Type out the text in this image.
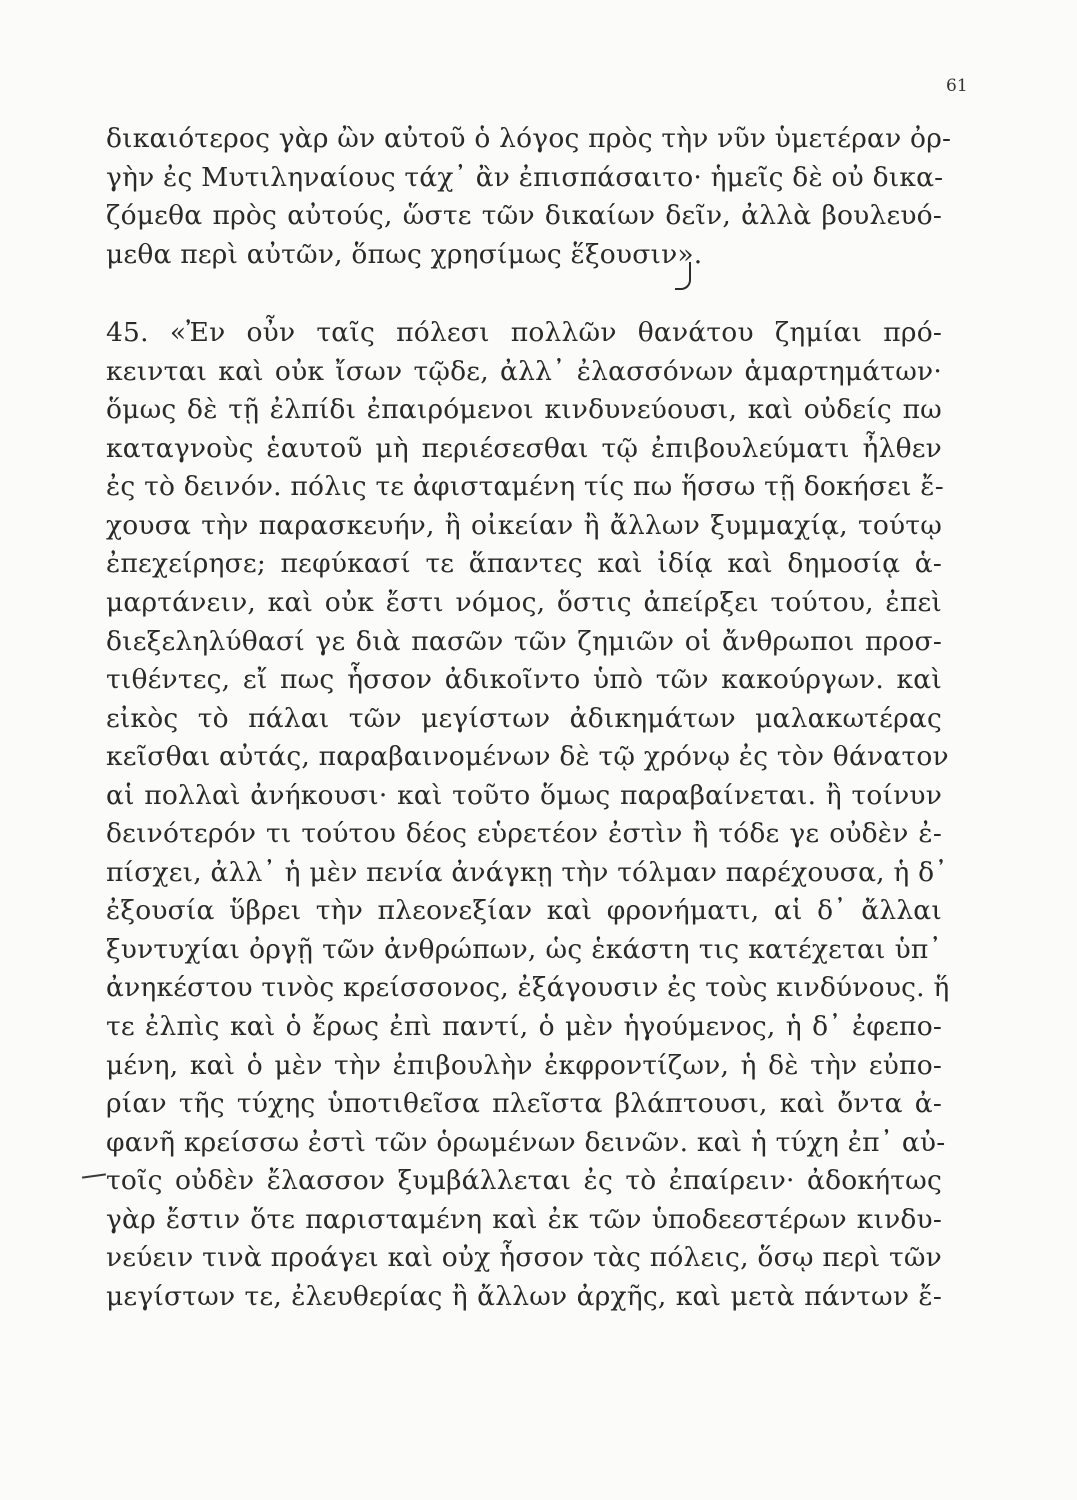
61
δικαιότερος γὰρ ὢν αὐτοῦ ὁ λόγος πρὸς τὴν νῦν ὑμετέραν ὀρ-
γὴν ἐς Μυτιληναίους τάχ᾽ ἂν ἐπισπάσαιτο· ἡμεῖς δὲ οὐ δικα-
ζόμεθα πρὸς αὐτούς, ὥστε τῶν δικαίων δεῖν, ἀλλὰ βουλευό-
μεθα περὶ αὐτῶν, ὅπως χρησίμως ἕξουσιν».
45. «Ἐν οὖν ταῖς πόλεσι πολλῶν θανάτου ζημίαι πρό-
κεινται καὶ οὐκ ἴσων τῷδε, ἀλλ᾽ ἐλασσόνων ἁμαρτημάτων·
ὅμως δὲ τῇ ἐλπίδι ἐπαιρόμενοι κινδυνεύουσι, καὶ οὐδείς πω
καταγνοὺς ἑαυτοῦ μὴ περιέσεσθαι τῷ ἐπιβουλεύματι ἦλθεν
ἐς τὸ δεινόν. πόλις τε ἀφισταμένη τίς πω ἥσσω τῇ δοκήσει ἔ-
χουσα τὴν παρασκευήν, ἢ οἰκείαν ἢ ἄλλων ξυμμαχίᾳ, τούτῳ
ἐπεχείρησε; πεφύκασί τε ἅπαντες καὶ ἰδίᾳ καὶ δημοσίᾳ ἁ-
μαρτάνειν, καὶ οὐκ ἔστι νόμος, ὅστις ἀπείρξει τούτου, ἐπεὶ
διεξεληλύθασί γε διὰ πασῶν τῶν ζημιῶν οἱ ἄνθρωποι προσ-
τιθέντες, εἴ πως ἧσσον ἀδικοῖντο ὑπὸ τῶν κακούργων. καὶ
εἰκὸς τὸ πάλαι τῶν μεγίστων ἀδικημάτων μαλακωτέρας
κεῖσθαι αὐτάς, παραβαινομένων δὲ τῷ χρόνῳ ἐς τὸν θάνατον
αἱ πολλαὶ ἀνήκουσι· καὶ τοῦτο ὅμως παραβαίνεται. ἢ τοίνυν
δεινότερόν τι τούτου δέος εὑρετέον ἐστὶν ἢ τόδε γε οὐδὲν ἐ-
πίσχει, ἀλλ᾽ ἡ μὲν πενία ἀνάγκῃ τὴν τόλμαν παρέχουσα, ἡ δ᾽
ἐξουσία ὕβρει τὴν πλεονεξίαν καὶ φρονήματι, αἱ δ᾽ ἄλλαι
ξυντυχίαι ὀργῇ τῶν ἀνθρώπων, ὡς ἑκάστη τις κατέχεται ὑπ᾽
ἀνηκέστου τινὸς κρείσσονος, ἐξάγουσιν ἐς τοὺς κινδύνους. ἥ
τε ἐλπὶς καὶ ὁ ἔρως ἐπὶ παντί, ὁ μὲν ἡγούμενος, ἡ δ᾽ ἐφεπο-
μένη, καὶ ὁ μὲν τὴν ἐπιβουλὴν ἐκφροντίζων, ἡ δὲ τὴν εὐπο-
ρίαν τῆς τύχης ὑποτιθεῖσα πλεῖστα βλάπτουσι, καὶ ὄντα ἀ-
φανῆ κρείσσω ἐστὶ τῶν ὁρωμένων δεινῶν. καὶ ἡ τύχη ἐπ᾽ αὐ-
τοῖς οὐδὲν ἔλασσον ξυμβάλλεται ἐς τὸ ἐπαίρειν· ἀδοκήτως
γὰρ ἔστιν ὅτε παρισταμένη καὶ ἐκ τῶν ὑποδεεστέρων κινδυ-
νεύειν τινὰ προάγει καὶ οὐχ ἧσσον τὰς πόλεις, ὅσῳ περὶ τῶν
μεγίστων τε, ἐλευθερίας ἢ ἄλλων ἀρχῆς, καὶ μετὰ πάντων ἔ-
